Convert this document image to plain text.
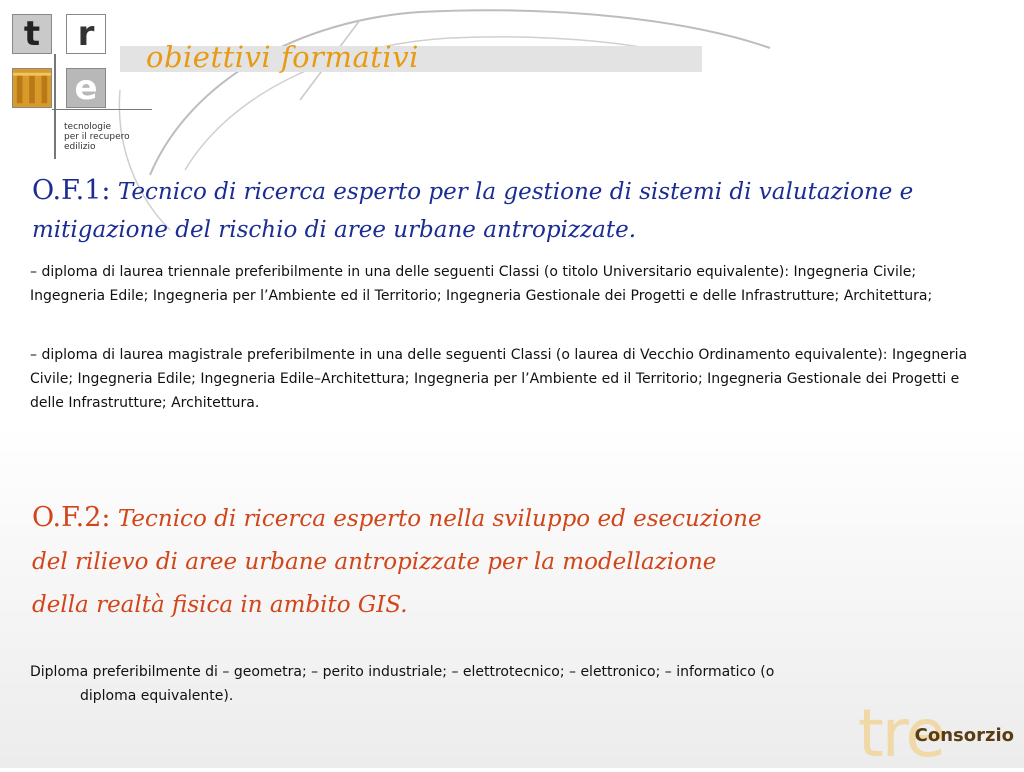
t	r
e
tecnologie
per il recupero
edilizio
obiettivi formativi
O.F.1: Tecnico di ricerca esperto per la gestione di sistemi di valutazione e mitigazione del rischio di aree urbane antropizzate.
– diploma di laurea triennale preferibilmente in una delle seguenti Classi (o titolo Universitario equivalente): Ingegneria Civile; Ingegneria Edile; Ingegneria per l’Ambiente ed il Territorio; Ingegneria Gestionale dei Progetti e delle Infrastrutture; Architettura;
– diploma di laurea magistrale preferibilmente in una delle seguenti Classi (o laurea di Vecchio Ordinamento equivalente): Ingegneria Civile; Ingegneria Edile; Ingegneria Edile–Architettura; Ingegneria per l’Ambiente ed il Territorio; Ingegneria Gestionale dei Progetti e delle Infrastrutture; Architettura.
O.F.2: Tecnico di ricerca esperto nella sviluppo ed esecuzione
del rilievo di aree urbane antropizzate per la modellazione
della realtà fisica in ambito GIS.
Diploma preferibilmente di – geometra; – perito industriale; – elettrotecnico; – elettronico; – informatico (o
diploma equivalente).	tre
Consorzio
